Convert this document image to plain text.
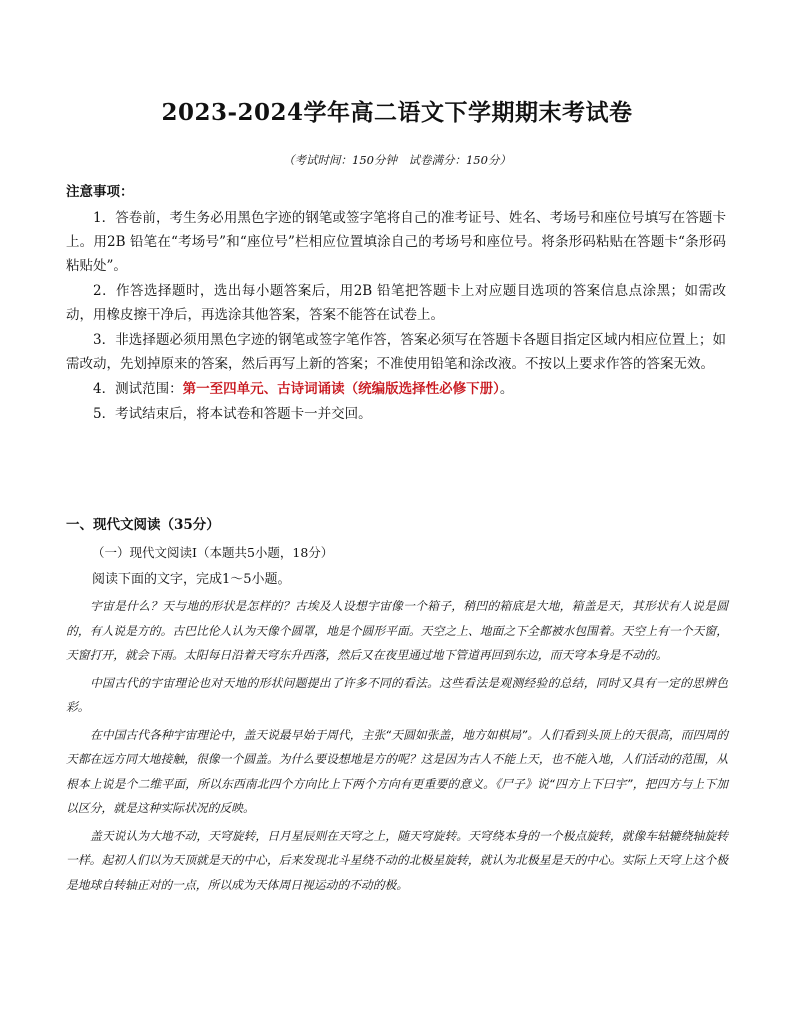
2023-2024学年高二语文下学期期末考试卷
（考试时间：150分钟　试卷满分：150分）
注意事项：

1．答卷前，考生务必用黑色字迹的钢笔或签字笔将自己的准考证号、姓名、考场号和座位号填写在答题卡上。用2B 铅笔在“考场号”和“座位号”栏相应位置填涂自己的考场号和座位号。将条形码粘贴在答题卡“条形码粘贴处”。

2．作答选择题时，选出每小题答案后，用2B 铅笔把答题卡上对应题目选项的答案信息点涂黑；如需改动，用橡皮擦干净后，再选涂其他答案，答案不能答在试卷上。

3．非选择题必须用黑色字迹的钢笔或签字笔作答，答案必须写在答题卡各题目指定区域内相应位置上；如需改动，先划掉原来的答案，然后再写上新的答案；不准使用铅笔和涂改液。不按以上要求作答的答案无效。

4．测试范围：第一至四单元、古诗词诵读（统编版选择性必修下册）。

5．考试结束后，将本试卷和答题卡一并交回。

一、现代文阅读（35分）
（一）现代文阅读Ⅰ（本题共5小题，18分）
阅读下面的文字，完成1～5小题。

宇宙是什么？天与地的形状是怎样的？古埃及人设想宇宙像一个箱子，稍凹的箱底是大地，箱盖是天，其形状有人说是圆的，有人说是方的。古巴比伦人认为天像个圆罩，地是个圆形平面。天空之上、地面之下全都被水包围着。天空上有一个天窗，天窗打开，就会下雨。太阳每日沿着天穹东升西落，然后又在夜里通过地下管道再回到东边，而天穹本身是不动的。

中国古代的宇宙理论也对天地的形状问题提出了许多不同的看法。这些看法是观测经验的总结，同时又具有一定的思辨色彩。

在中国古代各种宇宙理论中，盖天说最早始于周代，主张“天圆如张盖，地方如棋局”。人们看到头顶上的天很高，而四周的天都在远方同大地接触，很像一个圆盖。为什么要设想地是方的呢？这是因为古人不能上天，也不能入地，人们活动的范围，从根本上说是个二维平面，所以东西南北四个方向比上下两个方向有更重要的意义。《尸子》说“四方上下曰宇”，把四方与上下加以区分，就是这种实际状况的反映。

盖天说认为大地不动，天穹旋转，日月星辰则在天穹之上，随天穹旋转。天穹绕本身的一个极点旋转，就像车轱辘绕轴旋转一样。起初人们以为天顶就是天的中心，后来发现北斗星绕不动的北极星旋转，就认为北极星是天的中心。实际上天穹上这个极是地球自转轴正对的一点，所以成为天体周日视运动的不动的极。
